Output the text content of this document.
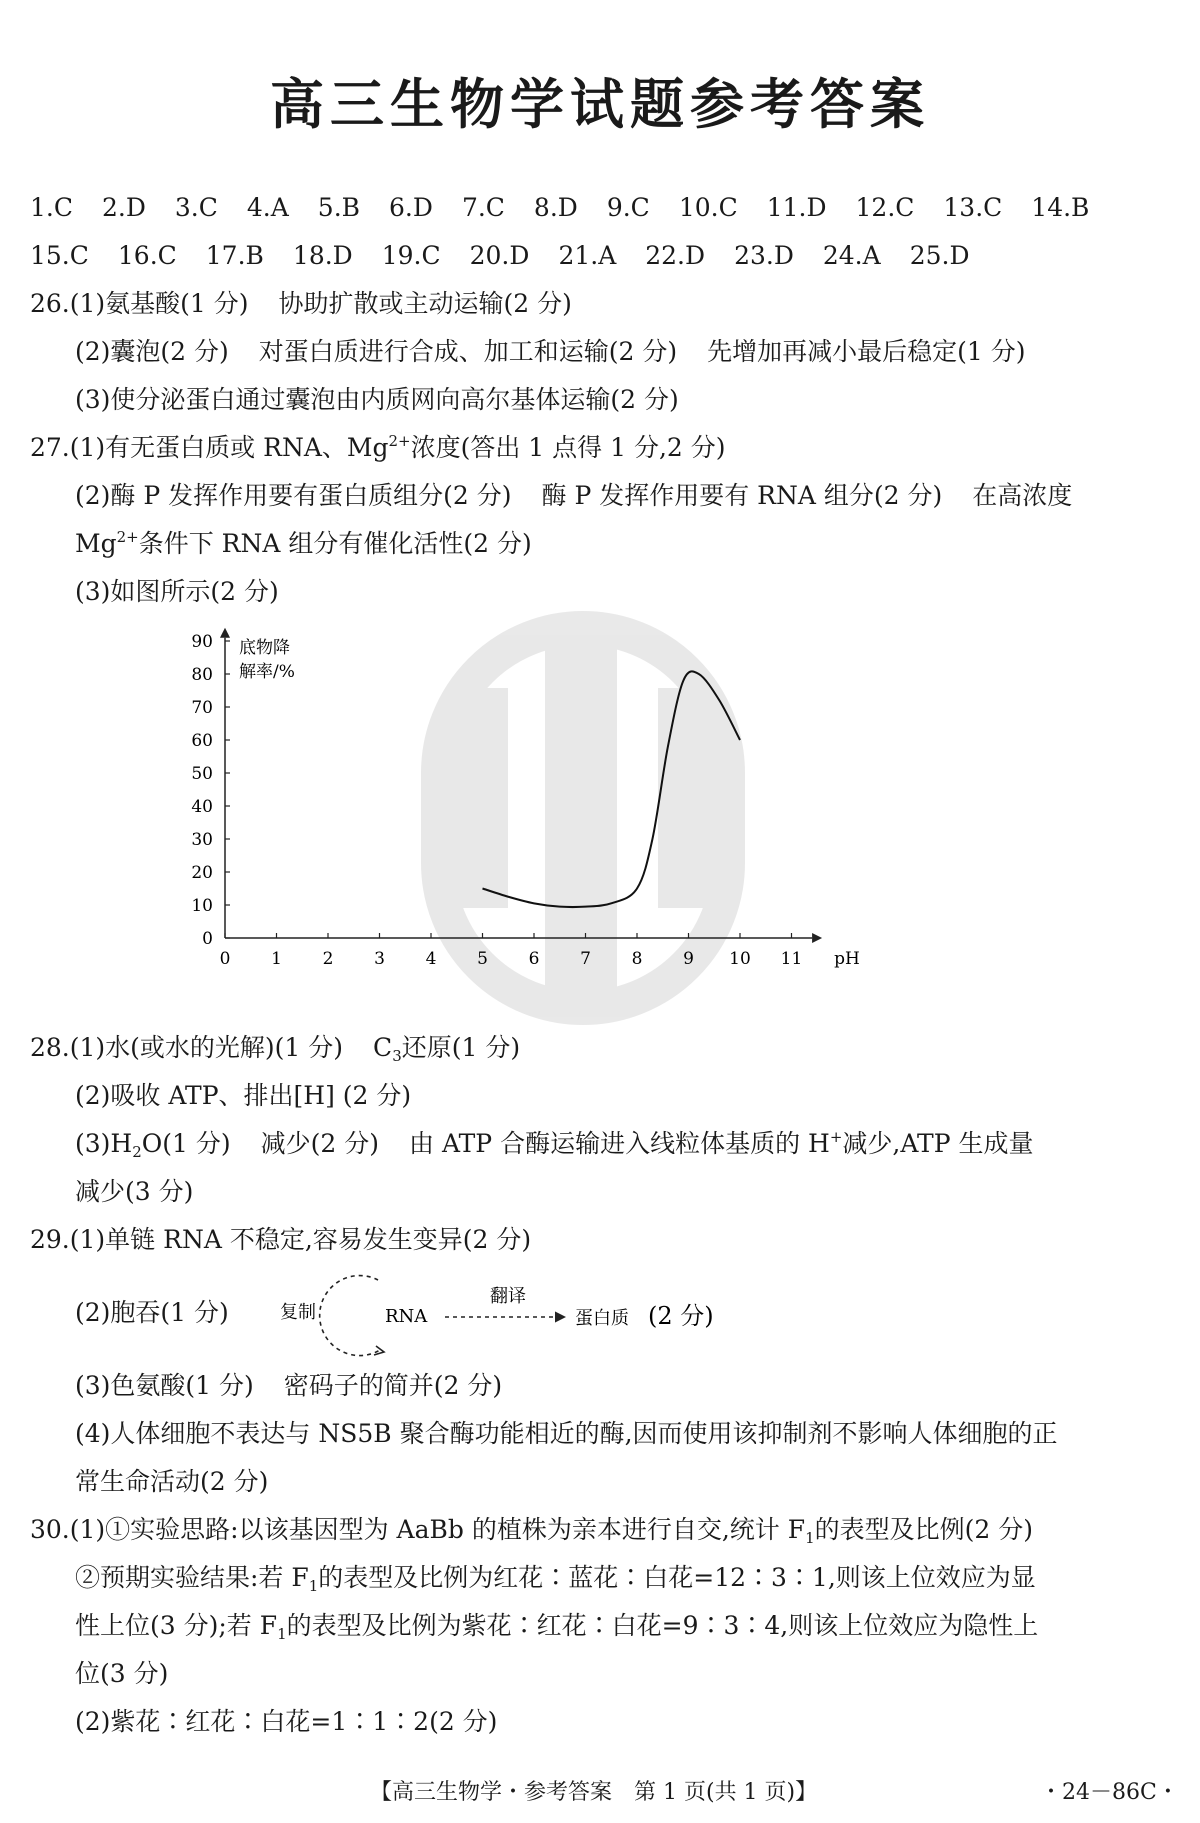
高三生物学试题参考答案
1.C 2.D 3.C 4.A 5.B 6.D 7.C 8.D 9.C 10.C 11.D 12.C 13.C 14.B
15.C 16.C 17.B 18.D 19.C 20.D 21.A 22.D 23.D 24.A 25.D
26.(1)氨基酸(1 分) 协助扩散或主动运输(2 分)
(2)囊泡(2 分) 对蛋白质进行合成、加工和运输(2 分) 先增加再减小最后稳定(1 分)
(3)使分泌蛋白通过囊泡由内质网向高尔基体运输(2 分)
27.(1)有无蛋白质或 RNA、$Mg^{2+}$浓度(答出 1 点得 1 分,2 分)
(2)酶 P 发挥作用要有蛋白质组分(2 分) 酶 P 发挥作用要有 RNA 组分(2 分) 在高浓度
$Mg^{2+}$条件下 RNA 组分有催化活性(2 分)
(3)如图所示(2 分)
0 1 2 3 4 5 6 7 8 9 10 11
0
10
20
30
40
50
60
70
80
90
pH
底物降
解率/%
28.(1)水(或水的光解)(1 分) $C_3$还原(1 分)
(2)吸收 ATP、排出[H] (2 分)
$(3)H_2O(1$ 分) 减少(2 分) 由 ATP 合酶运输进入线粒体基质的 H+减少,ATP 生成量
减少(3 分)
29.(1)单链 RNA 不稳定,容易发生变异(2 分)
(2)胞吞(1 分)	复制	RNA
翻译
蛋白质 (2 分)
(3)色氨酸(1 分) 密码子的简并(2 分)
(4)人体细胞不表达与 NS5B 聚合酶功能相近的酶,因而使用该抑制剂不影响人体细胞的正
常生命活动(2 分)
30.(1)①实验思路:以该基因型为 AaBb 的植株为亲本进行自交,统计 $F_1$的表型及比例(2 分)
②预期实验结果:若 $F_1$的表型及比例为红花∶蓝花∶白花=12∶3∶1,则该上位效应为显
性上位(3 分);若 $F_1$的表型及比例为紫花∶红花∶白花=9∶3∶4,则该上位效应为隐性上
位(3 分)
(2)紫花∶红花∶白花=1∶1∶2(2 分)
【高三生物学・参考答案　第 1 页(共 1 页)】	・24－86C・
